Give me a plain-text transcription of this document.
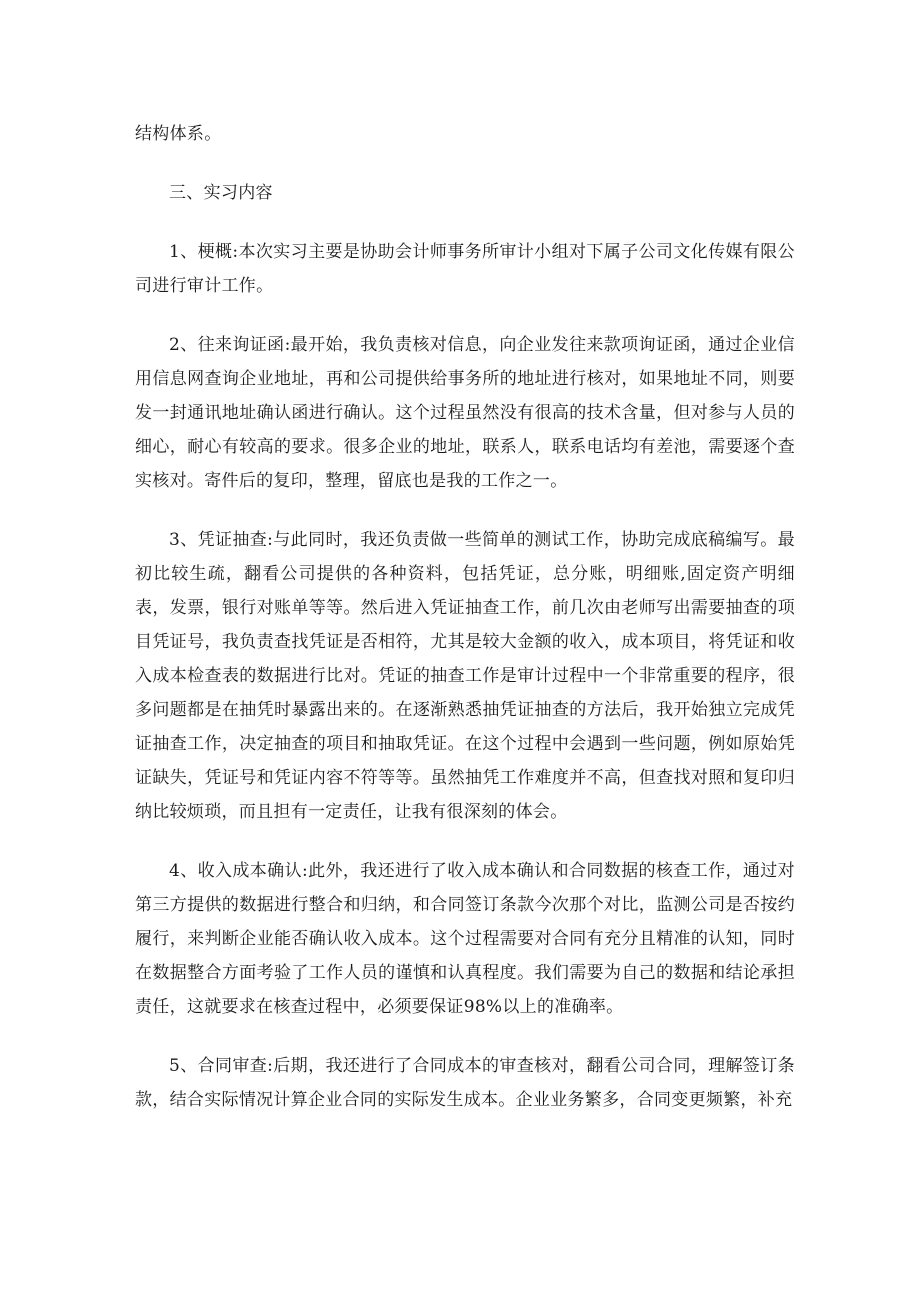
结构体系。

三、实习内容

1、梗概:本次实习主要是协助会计师事务所审计小组对下属子公司文化传媒有限公司进行审计工作。

2、往来询证函:最开始，我负责核对信息，向企业发往来款项询证函，通过企业信用信息网查询企业地址，再和公司提供给事务所的地址进行核对，如果地址不同，则要发一封通讯地址确认函进行确认。这个过程虽然没有很高的技术含量，但对参与人员的细心，耐心有较高的要求。很多企业的地址，联系人，联系电话均有差池，需要逐个查实核对。寄件后的复印，整理，留底也是我的工作之一。

3、凭证抽查:与此同时，我还负责做一些简单的测试工作，协助完成底稿编写。最初比较生疏，翻看公司提供的各种资料，包括凭证，总分账，明细账,固定资产明细表，发票，银行对账单等等。然后进入凭证抽查工作，前几次由老师写出需要抽查的项目凭证号，我负责查找凭证是否相符，尤其是较大金额的收入，成本项目，将凭证和收入成本检查表的数据进行比对。凭证的抽查工作是审计过程中一个非常重要的程序，很多问题都是在抽凭时暴露出来的。在逐渐熟悉抽凭证抽查的方法后，我开始独立完成凭证抽查工作，决定抽查的项目和抽取凭证。在这个过程中会遇到一些问题，例如原始凭证缺失，凭证号和凭证内容不符等等。虽然抽凭工作难度并不高，但查找对照和复印归纳比较烦琐，而且担有一定责任，让我有很深刻的体会。

4、收入成本确认:此外，我还进行了收入成本确认和合同数据的核查工作，通过对第三方提供的数据进行整合和归纳，和合同签订条款今次那个对比，监测公司是否按约履行，来判断企业能否确认收入成本。这个过程需要对合同有充分且精准的认知，同时在数据整合方面考验了工作人员的谨慎和认真程度。我们需要为自己的数据和结论承担责任，这就要求在核查过程中，必须要保证98%以上的准确率。

5、合同审查:后期，我还进行了合同成本的审查核对，翻看公司合同，理解签订条款，结合实际情况计算企业合同的实际发生成本。企业业务繁多，合同变更频繁，补充
